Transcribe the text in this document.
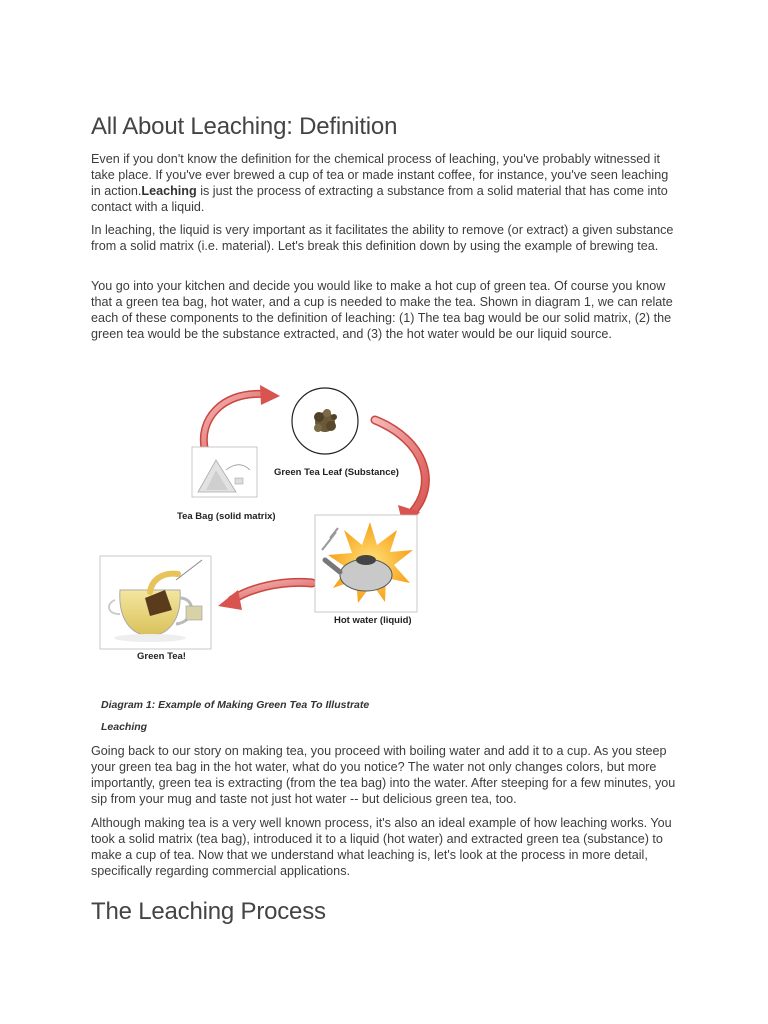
All About Leaching: Definition

Even if you don't know the definition for the chemical process of leaching, you've probably witnessed it take place. If you've ever brewed a cup of tea or made instant coffee, for instance, you've seen leaching in action.Leaching is just the process of extracting a substance from a solid material that has come into contact with a liquid.

In leaching, the liquid is very important as it facilitates the ability to remove (or extract) a given substance from a solid matrix (i.e. material). Let's break this definition down by using the example of brewing tea.

You go into your kitchen and decide you would like to make a hot cup of green tea. Of course you know that a green tea bag, hot water, and a cup is needed to make the tea. Shown in diagram 1, we can relate each of these components to the definition of leaching: (1) The tea bag would be our solid matrix, (2) the green tea would be the substance extracted, and (3) the hot water would be our liquid source.

Green Tea Leaf (Substance)
Tea Bag (solid matrix)
Hot water (liquid)
Green Tea!
Diagram 1: Example of Making Green Tea To Illustrate Leaching

Going back to our story on making tea, you proceed with boiling water and add it to a cup. As you steep your green tea bag in the hot water, what do you notice? The water not only changes colors, but more importantly, green tea is extracting (from the tea bag) into the water. After steeping for a few minutes, you sip from your mug and taste not just hot water -- but delicious green tea, too.

Although making tea is a very well known process, it's also an ideal example of how leaching works. You took a solid matrix (tea bag), introduced it to a liquid (hot water) and extracted green tea (substance) to make a cup of tea. Now that we understand what leaching is, let's look at the process in more detail, specifically regarding commercial applications.

The Leaching Process
